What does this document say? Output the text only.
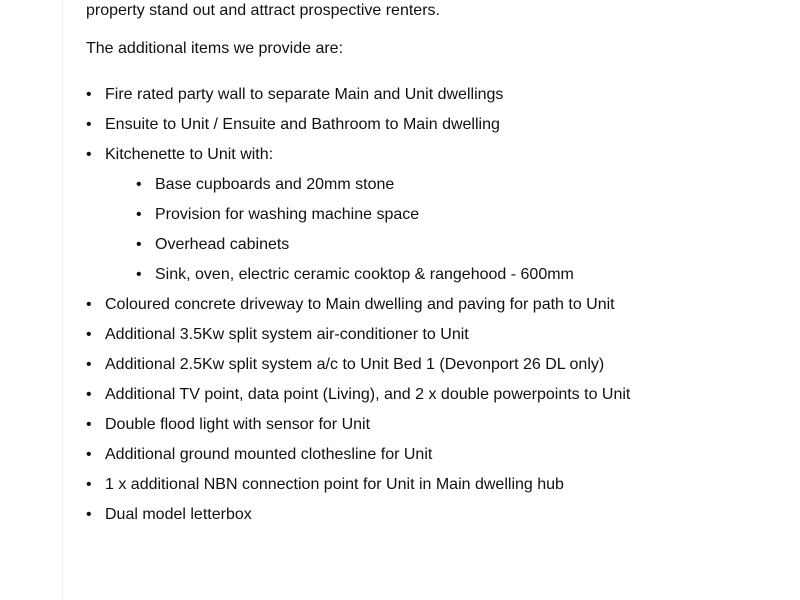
property stand out and attract prospective renters.

The additional items we provide are:

• Fire rated party wall to separate Main and Unit dwellings
• Ensuite to Unit / Ensuite and Bathroom to Main dwelling
• Kitchenette to Unit with:
• Base cupboards and 20mm stone
• Provision for washing machine space
• Overhead cabinets
• Sink, oven, electric ceramic cooktop & rangehood - 600mm
• Coloured concrete driveway to Main dwelling and paving for path to Unit
• Additional 3.5Kw split system air-conditioner to Unit
• Additional 2.5Kw split system a/c to Unit Bed 1 (Devonport 26 DL only)
• Additional TV point, data point (Living), and 2 x double powerpoints to Unit
• Double flood light with sensor for Unit
• Additional ground mounted clothesline for Unit
• 1 x additional NBN connection point for Unit in Main dwelling hub
• Dual model letterbox
